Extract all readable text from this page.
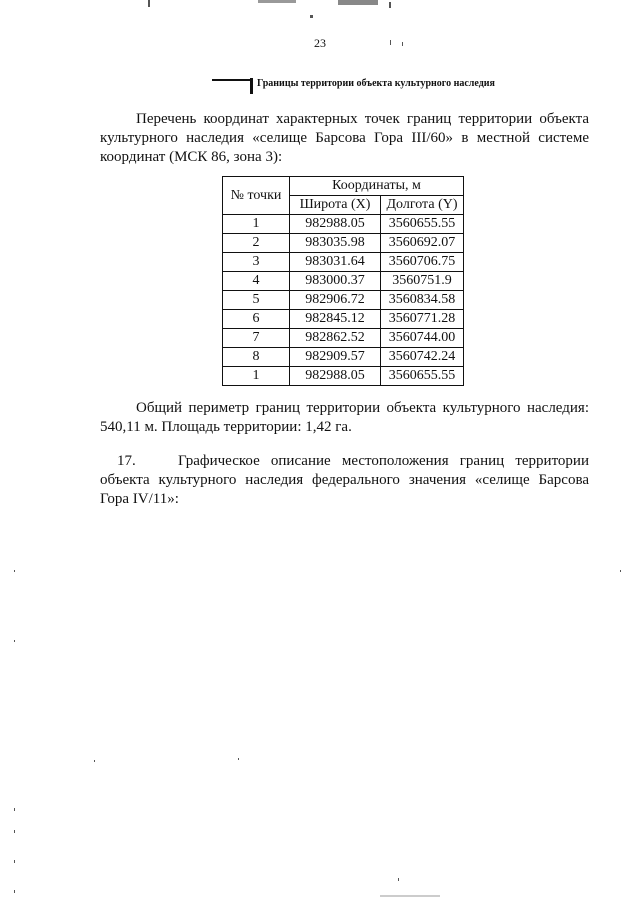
23
Границы территории объекта культурного наследия
Перечень координат характерных точек границ территории объекта культурного наследия «селище Барсова Гора III/60» в местной системе координат (МСК 86, зона 3):
№ точки	Координаты, м	
	Широта (X)	Долгота (Y)
1	982988.05	3560655.55
2	983035.98	3560692.07
3	983031.64	3560706.75
4	983000.37	3560751.9
5	982906.72	3560834.58
6	982845.12	3560771.28
7	982862.52	3560744.00
8	982909.57	3560742.24
1	982988.05	3560655.55
Общий периметр границ территории объекта культурного наследия: 540,11 м. Площадь территории: 1,42 га.
17.	Графическое описание местоположения границ территории объекта культурного наследия федерального значения «селище Барсова Гора IV/11»:
